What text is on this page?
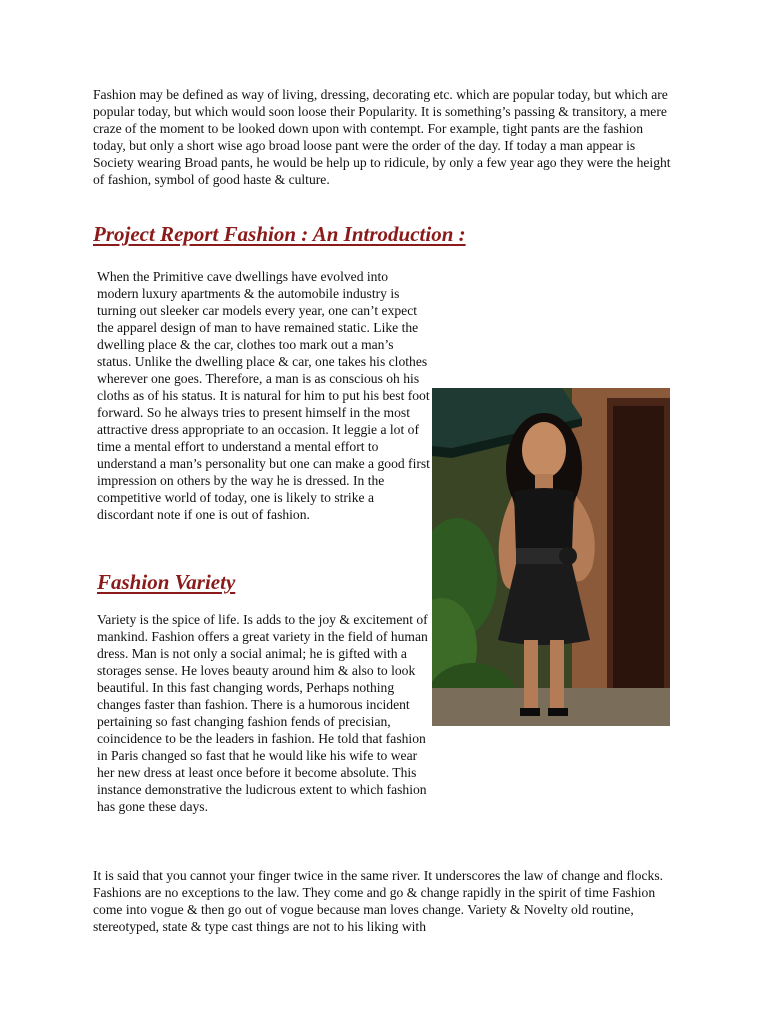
Fashion may be defined as way of living, dressing, decorating etc. which are popular today, but which are popular today, but which would soon loose their Popularity. It is something’s passing & transitory, a mere craze of the moment to be looked down upon with contempt. For example, tight pants are the fashion today, but only a short wise ago broad loose pant were the order of the day. If today a man appear is Society wearing Broad pants, he would be help up to ridicule, by only a few year ago they were the height of fashion, symbol of good haste & culture.

Project Report Fashion : An Introduction :

When the Primitive cave dwellings have evolved into modern luxury apartments & the automobile industry is turning out sleeker car models every year, one can’t expect the apparel design of man to have remained static. Like the dwelling place & the car, clothes too mark out a man’s status. Unlike the dwelling place & car, one takes his clothes wherever one goes. Therefore, a man is as conscious oh his cloths as of his status. It is natural for him to put his best foot forward. So he always tries to present himself in the most attractive dress appropriate to an occasion. It leggie a lot of time a mental effort to understand a mental effort to understand a man’s personality but one can make a good first impression on others by the way he is dressed. In the competitive world of today, one is likely to strike a discordant note if one is out of fashion.

Fashion Variety

Variety is the spice of life. Is adds to the joy & excitement of mankind. Fashion offers a great variety in the field of human dress. Man is not only a social animal; he is gifted with a storages sense. He loves beauty around him & also to look beautiful. In this fast changing words, Perhaps nothing changes faster than fashion. There is a humorous incident pertaining so fast changing fashion fends of precisian, coincidence to be the leaders in fashion. He told that fashion in Paris changed so fast that he would like his wife to wear her new dress at least once before it become absolute. This instance demonstrative the ludicrous extent to which fashion has gone these days.

It is said that you cannot your finger twice in the same river. It underscores the law of change and flocks. Fashions are no exceptions to the law. They come and go & change rapidly in the spirit of time Fashion come into vogue & then go out of vogue because man loves change. Variety & Novelty old routine, stereotyped, state & type cast things are not to his liking with
